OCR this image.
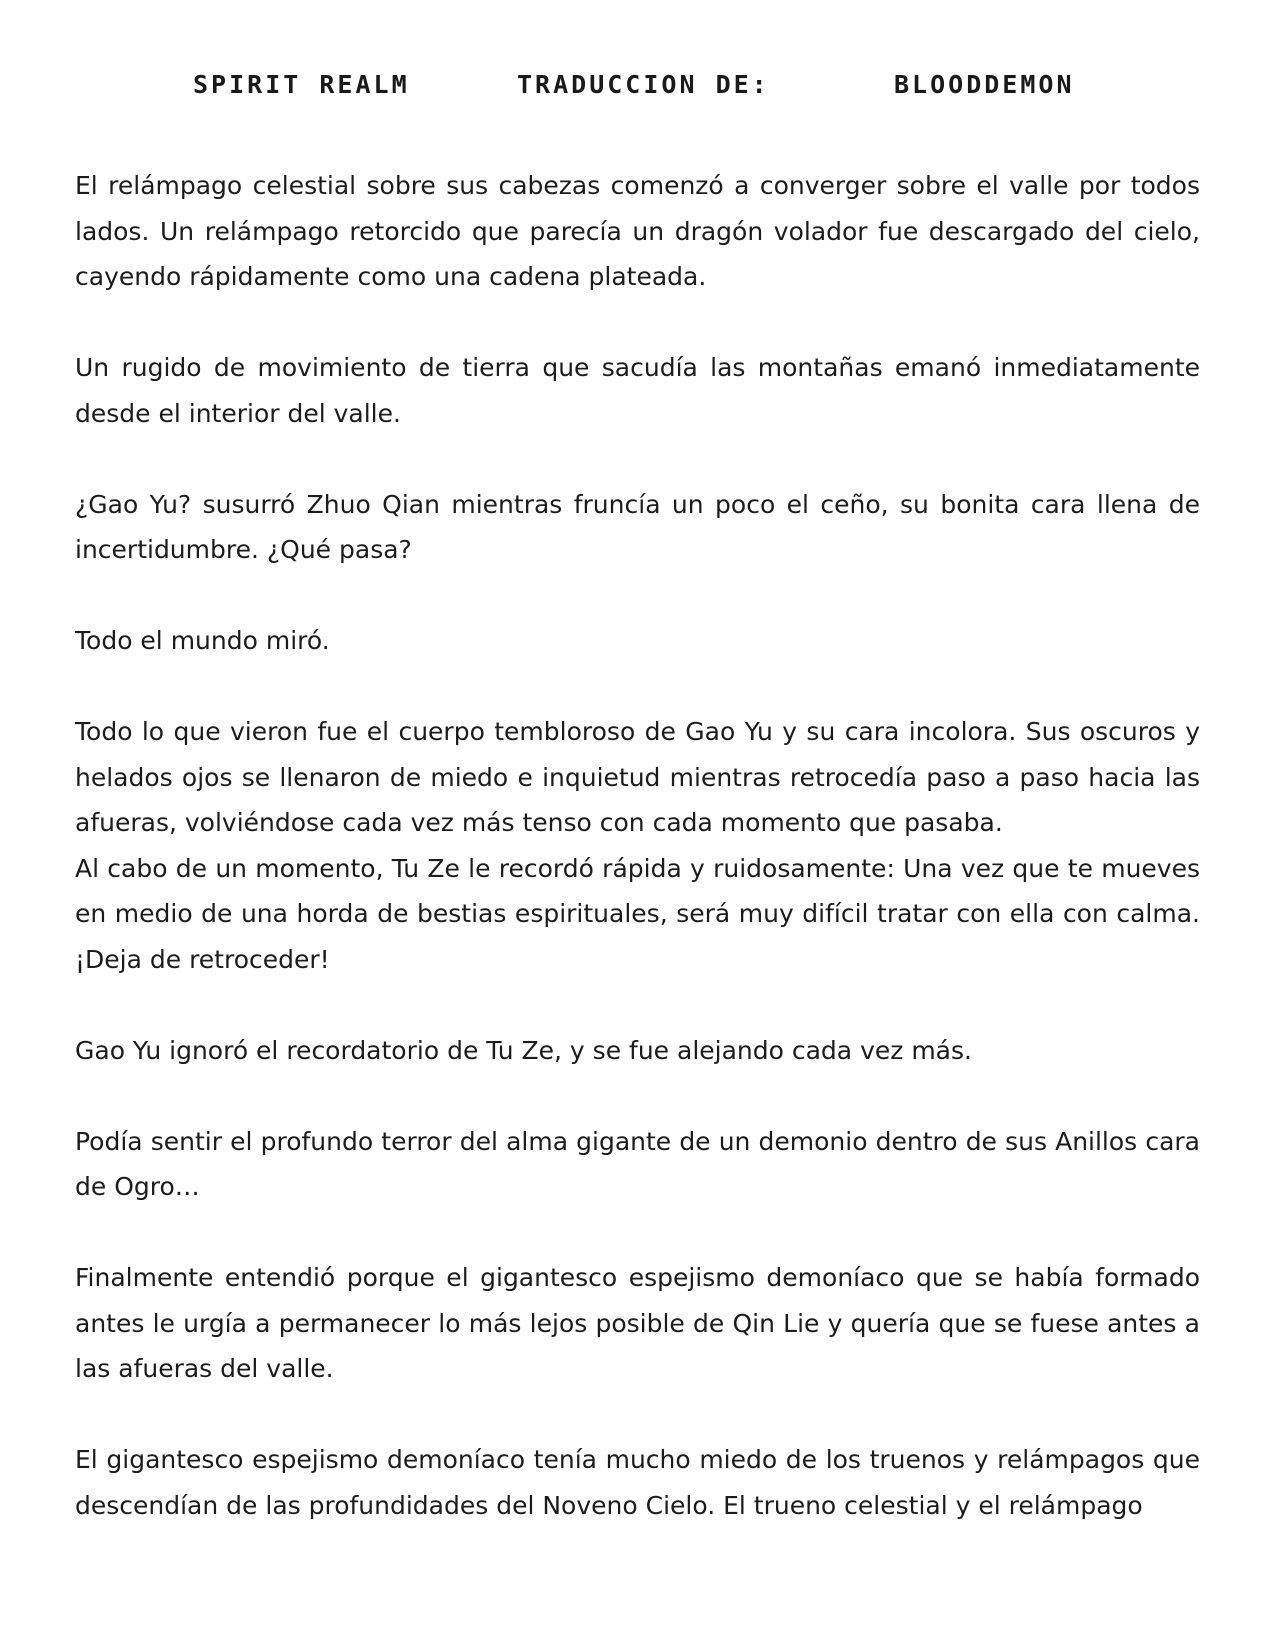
SPIRIT REALM	TRADUCCION DE:	BLOODDEMON

El relámpago celestial sobre sus cabezas comenzó a converger sobre el valle por todos lados. Un relámpago retorcido que parecía un dragón volador fue descargado del cielo, cayendo rápidamente como una cadena plateada.

Un rugido de movimiento de tierra que sacudía las montañas emanó inmediatamente desde el interior del valle.

¿Gao Yu? susurró Zhuo Qian mientras fruncía un poco el ceño, su bonita cara llena de incertidumbre. ¿Qué pasa?

Todo el mundo miró.

Todo lo que vieron fue el cuerpo tembloroso de Gao Yu y su cara incolora. Sus oscuros y helados ojos se llenaron de miedo e inquietud mientras retrocedía paso a paso hacia las afueras, volviéndose cada vez más tenso con cada momento que pasaba.

Al cabo de un momento, Tu Ze le recordó rápida y ruidosamente: Una vez que te mueves en medio de una horda de bestias espirituales, será muy difícil tratar con ella con calma. ¡Deja de retroceder!

Gao Yu ignoró el recordatorio de Tu Ze, y se fue alejando cada vez más.

Podía sentir el profundo terror del alma gigante de un demonio dentro de sus Anillos cara de Ogro…

Finalmente entendió porque el gigantesco espejismo demoníaco que se había formado antes le urgía a permanecer lo más lejos posible de Qin Lie y quería que se fuese antes a las afueras del valle.

El gigantesco espejismo demoníaco tenía mucho miedo de los truenos y relámpagos que descendían de las profundidades del Noveno Cielo. El trueno celestial y el relámpago
